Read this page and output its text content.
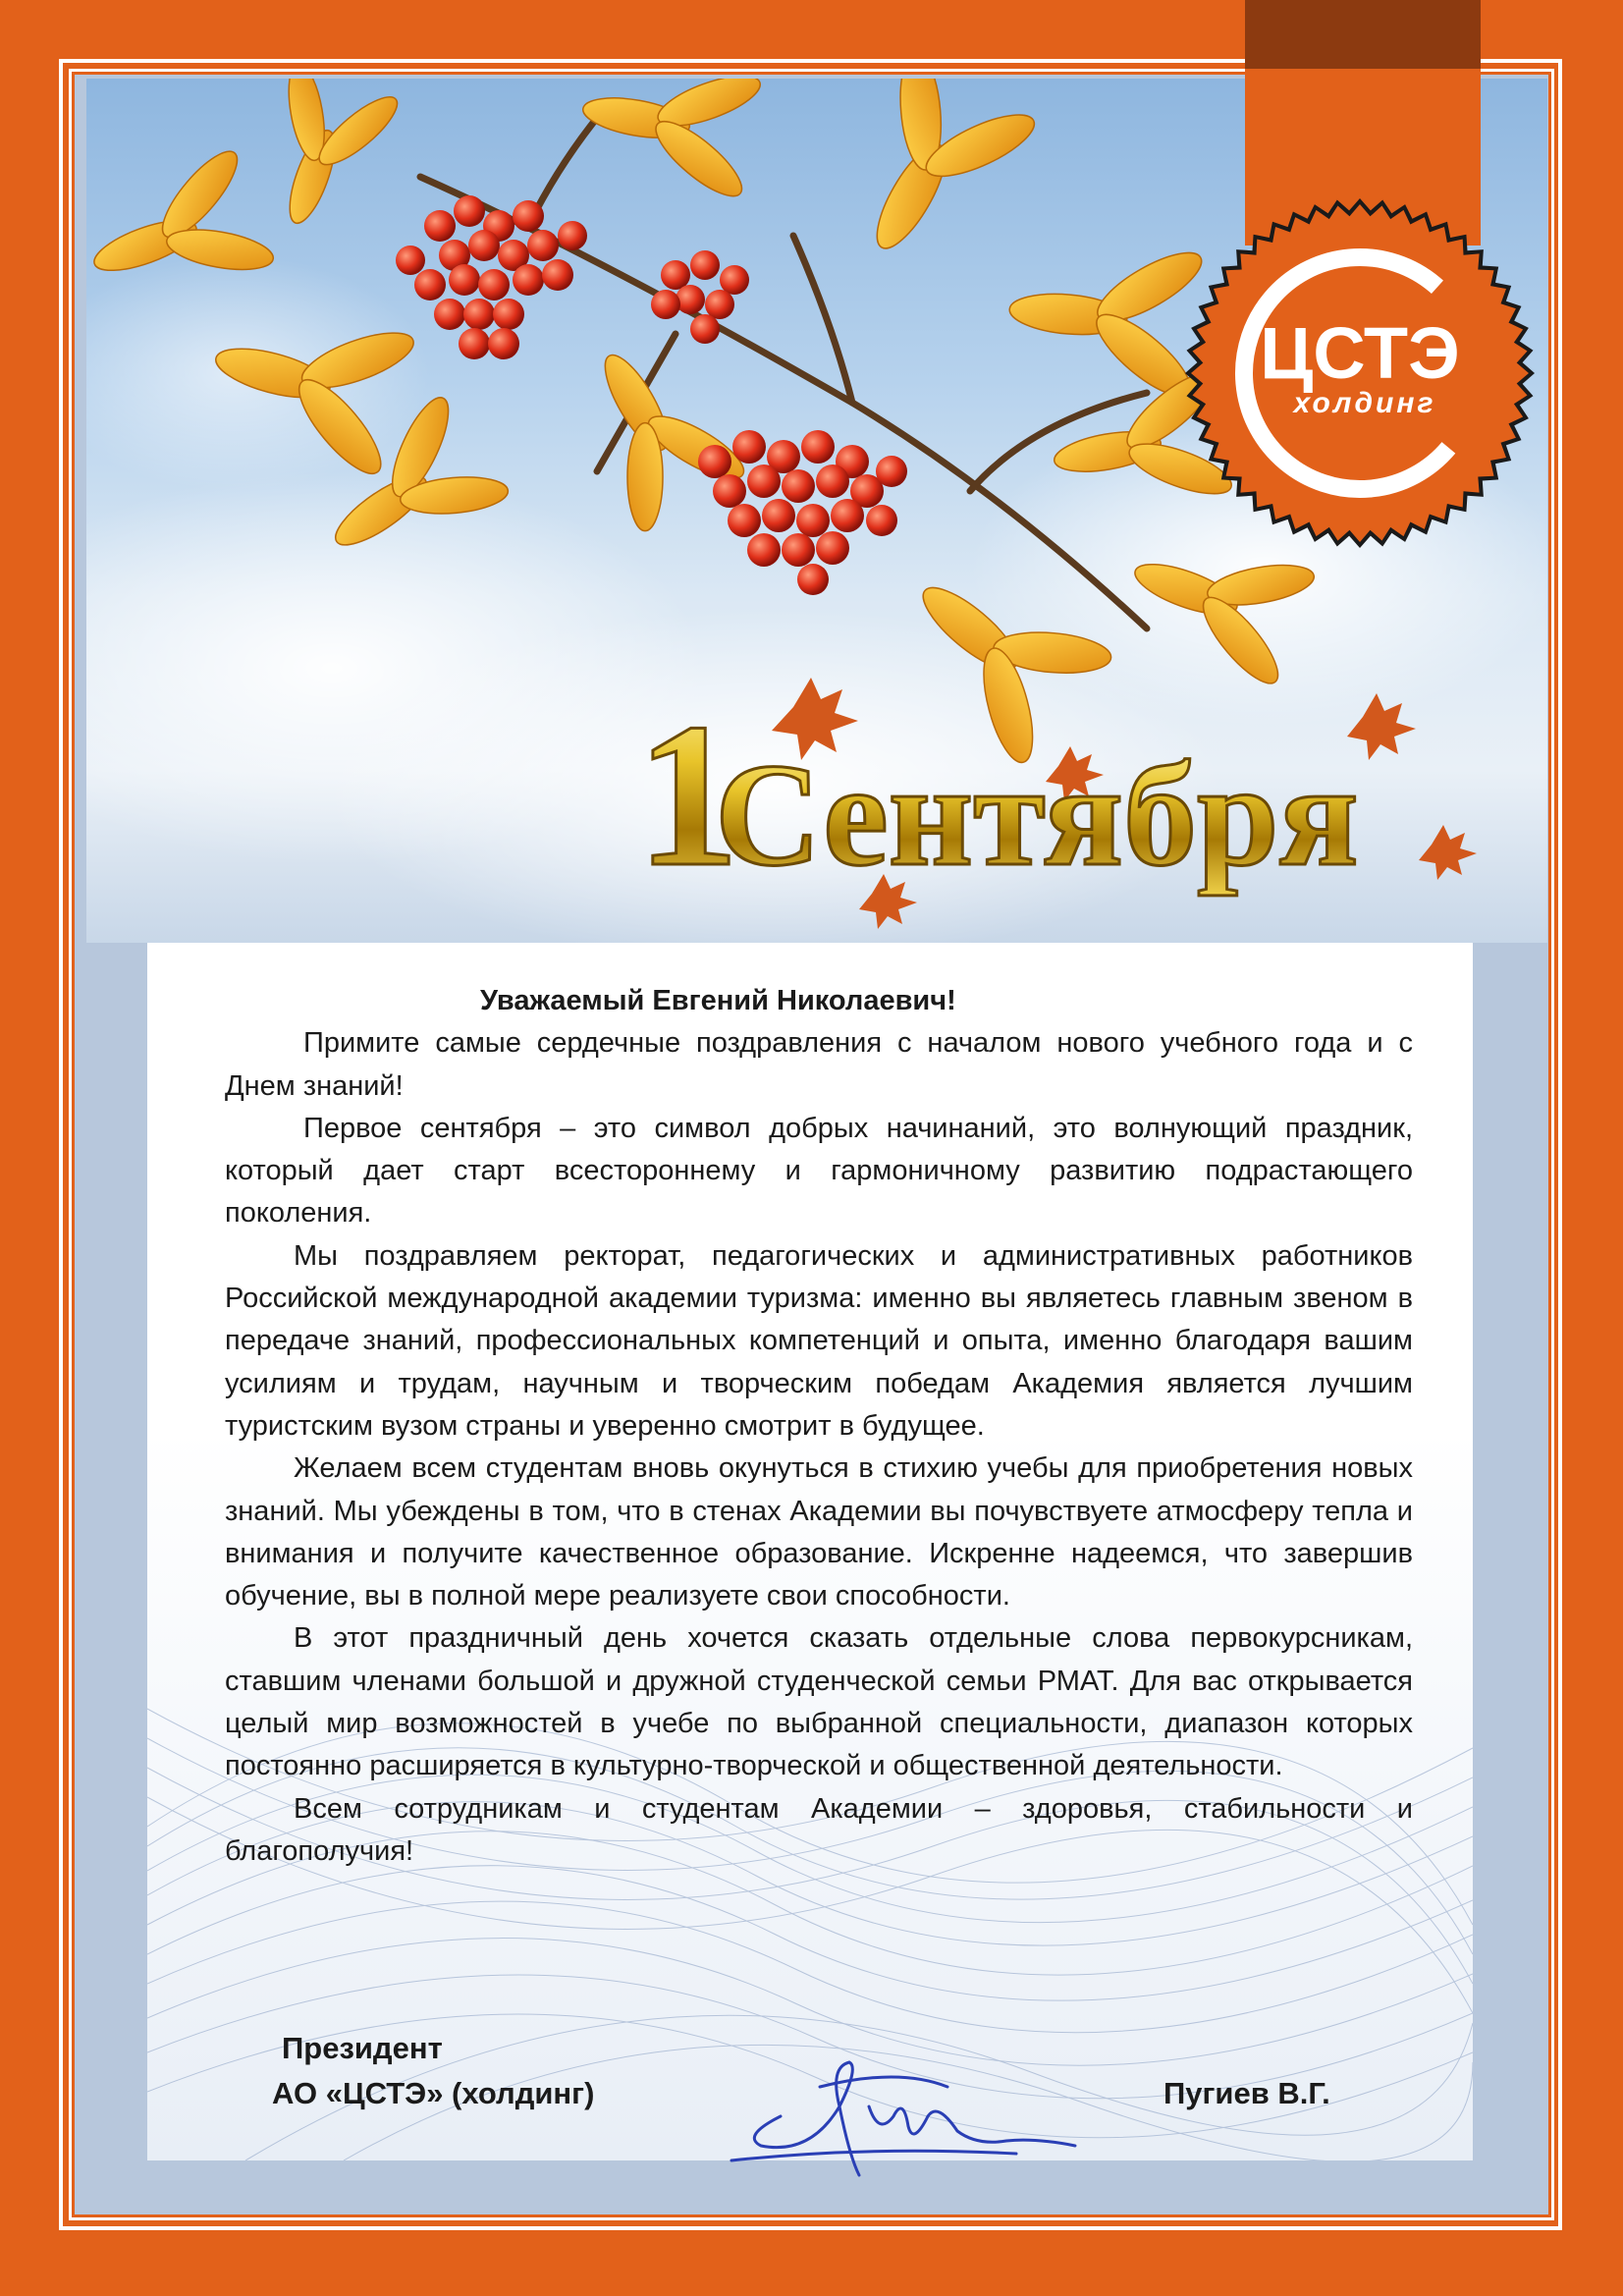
1
Сентября
ЦСТЭ
холдинг

Уважаемый Евгений Николаевич!

Примите самые сердечные поздравления с началом нового учебного года и с Днем знаний!

Первое сентября – это символ добрых начинаний, это волнующий праздник, который дает старт всестороннему и гармоничному развитию подрастающего поколения.

Мы поздравляем ректорат, педагогических и административных работников Российской международной академии туризма: именно вы являетесь главным звеном в передаче знаний, профессиональных компетенций и опыта, именно благодаря вашим усилиям и трудам, научным и творческим победам Академия является лучшим туристским вузом страны и уверенно смотрит в будущее.

Желаем всем студентам вновь окунуться в стихию учебы для приобретения новых знаний. Мы убеждены в том, что в стенах Академии вы почувствуете атмосферу тепла и внимания и получите качественное образование. Искренне надеемся, что завершив обучение, вы в полной мере реализуете свои способности.

В этот праздничный день хочется сказать отдельные слова первокурсникам, ставшим членами большой и дружной студенческой семьи РМАТ. Для вас открывается целый мир возможностей в учебе по выбранной специальности, диапазон которых постоянно расширяется в культурно-творческой и общественной деятельности.

Всем сотрудникам и студентам Академии – здоровья, стабильности и благополучия!

Президент
АО «ЦСТЭ» (холдинг)	Пугиев В.Г.
